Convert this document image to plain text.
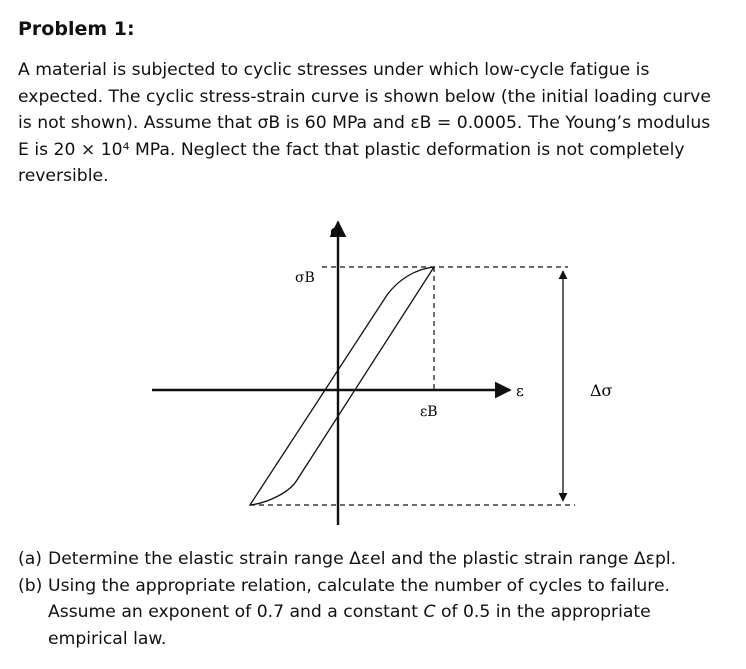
Problem 1:
A material is subjected to cyclic stresses under which low-cycle fatigue is
expected. The cyclic stress-strain curve is shown below (the initial loading curve
is not shown). Assume that σB is 60 MPa and εB = 0.0005. The Young’s modulus
E is 20 × 10⁴ MPa. Neglect the fact that plastic deformation is not completely
reversible.
σ
ε
σB
εB
Δσ
(a) Determine the elastic strain range Δεel and the plastic strain range Δεpl.
(b) Using the appropriate relation, calculate the number of cycles to failure.
Assume an exponent of 0.7 and a constant C of 0.5 in the appropriate
empirical law.
